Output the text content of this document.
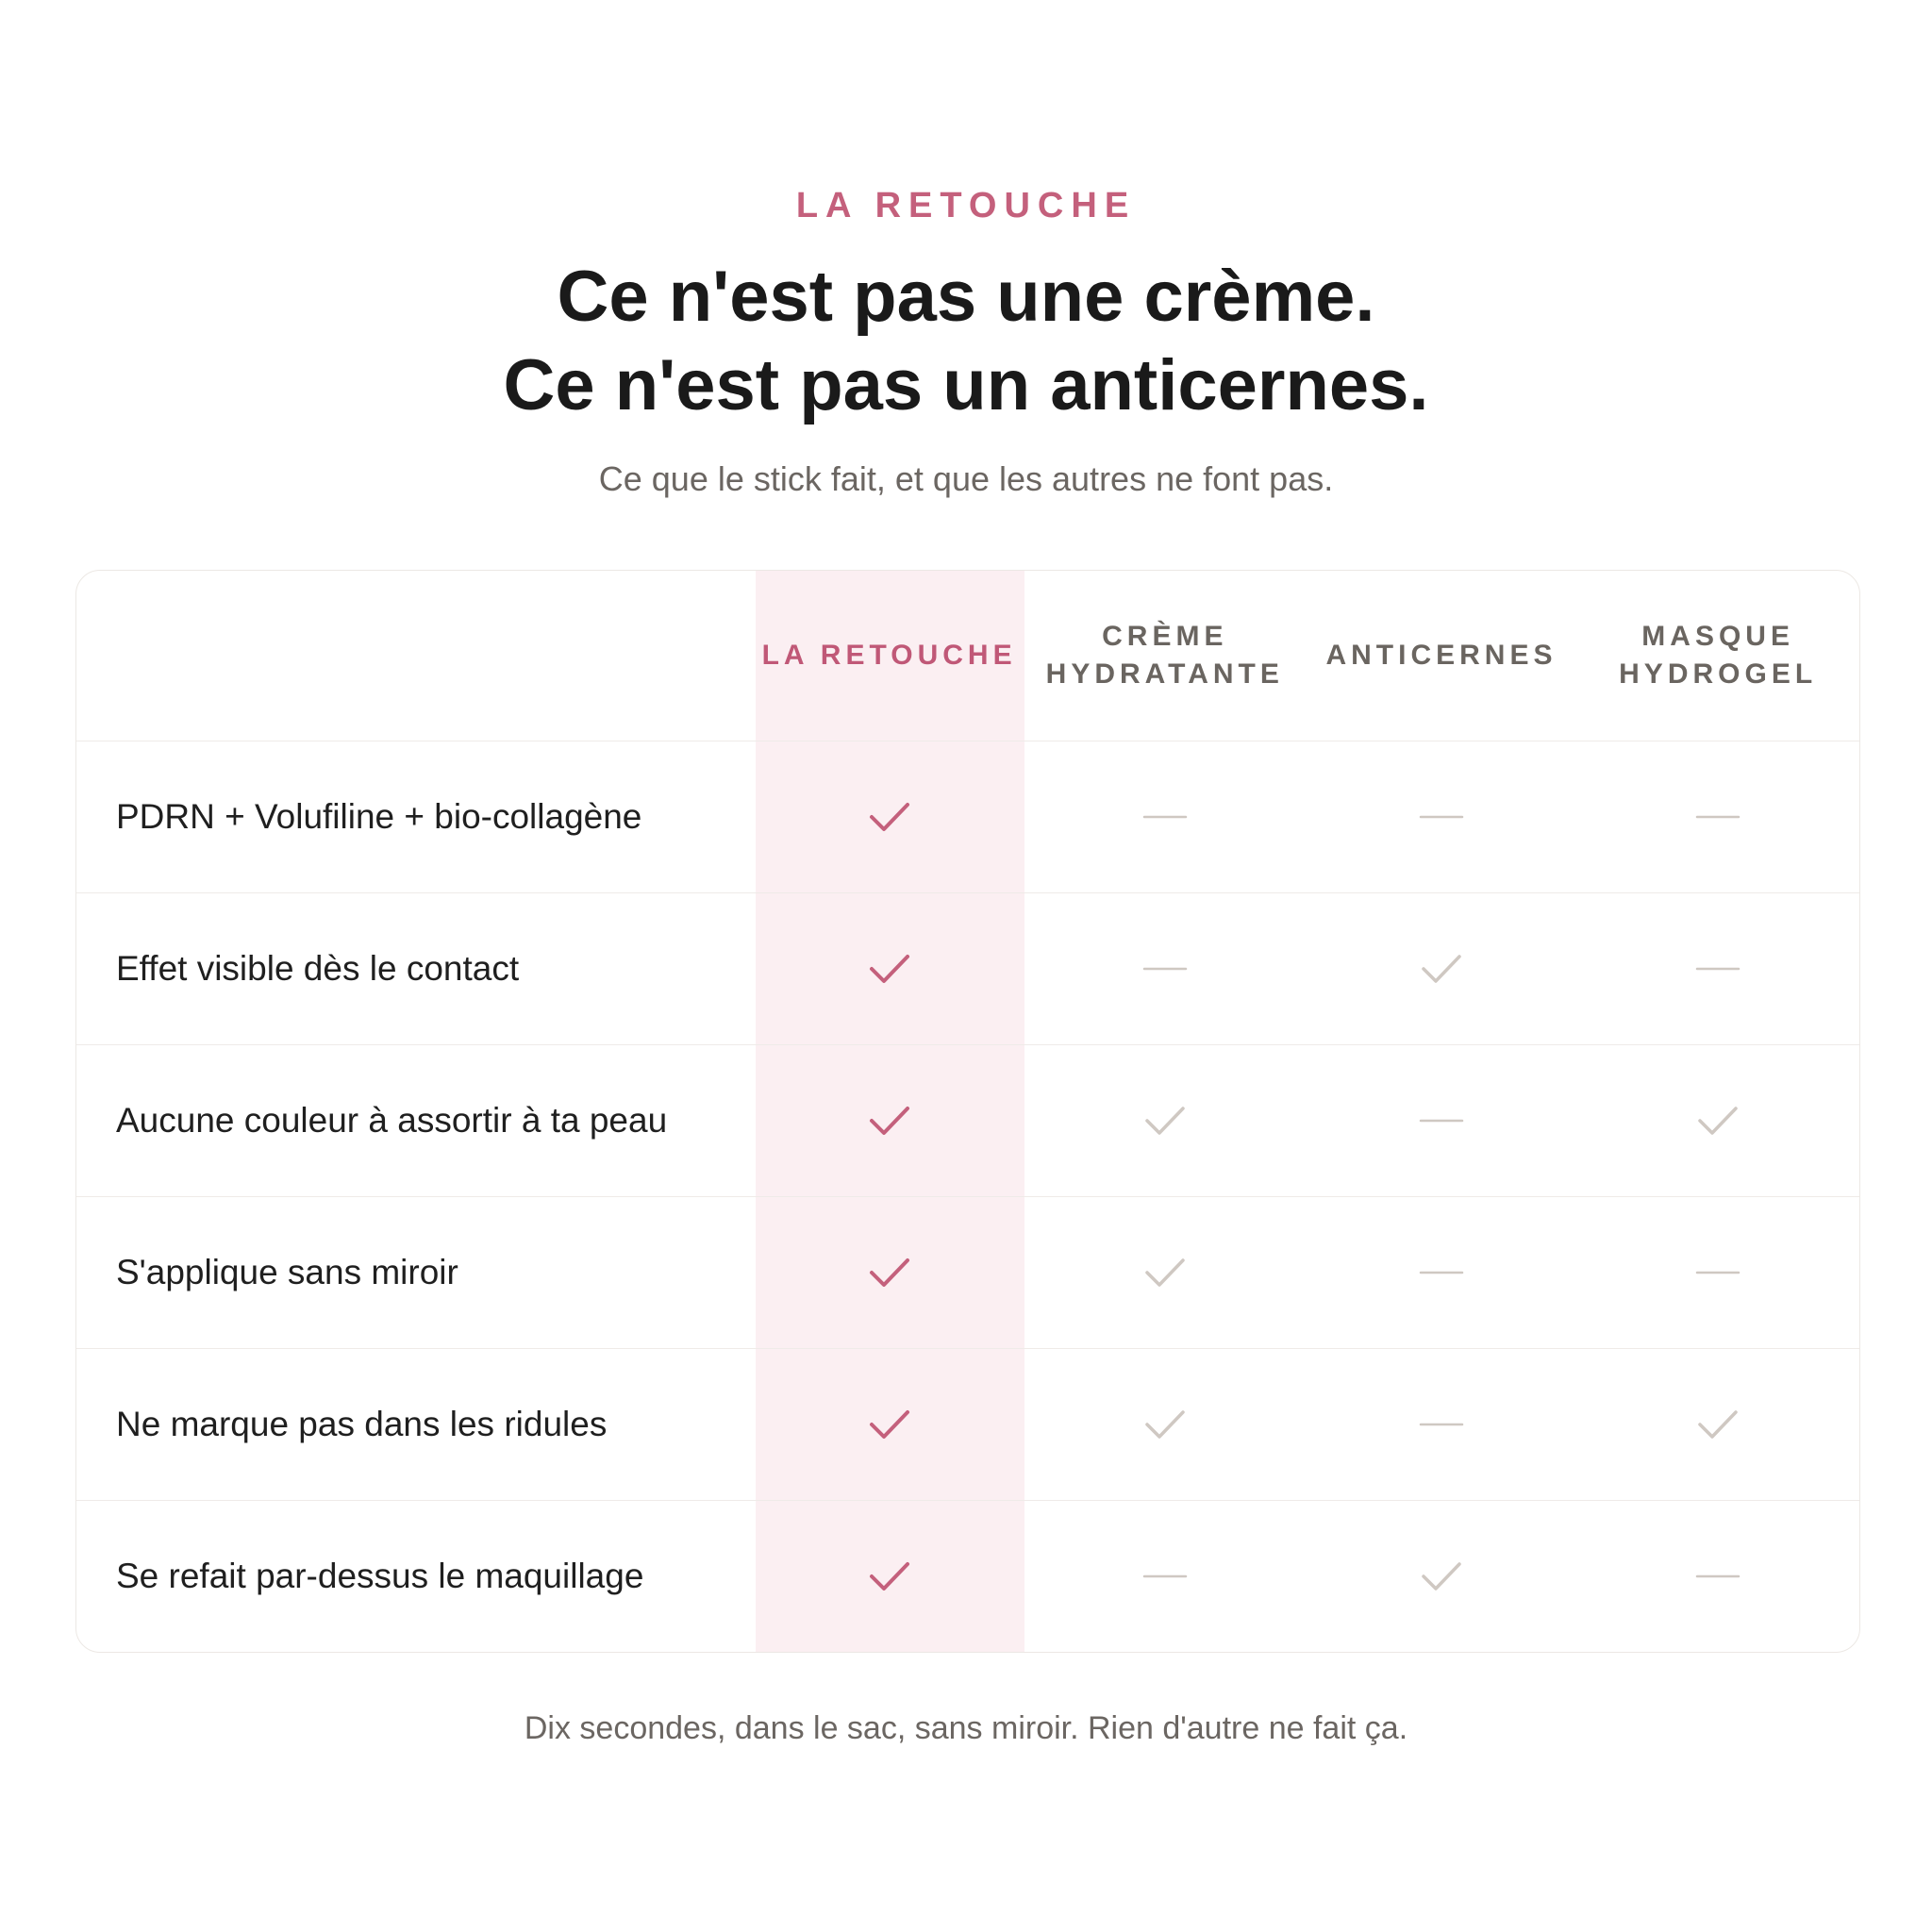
LA RETOUCHE
Ce n'est pas une crème.
Ce n'est pas un anticernes.
Ce que le stick fait, et que les autres ne font pas.
LA RETOUCHE
CRÈME
HYDRATANTE
ANTICERNES
MASQUE
HYDROGEL
PDRN + Volufiline + bio-collagène
Effet visible dès le contact
Aucune couleur à assortir à ta peau
S'applique sans miroir
Ne marque pas dans les ridules
Se refait par-dessus le maquillage
Dix secondes, dans le sac, sans miroir. Rien d'autre ne fait ça.
